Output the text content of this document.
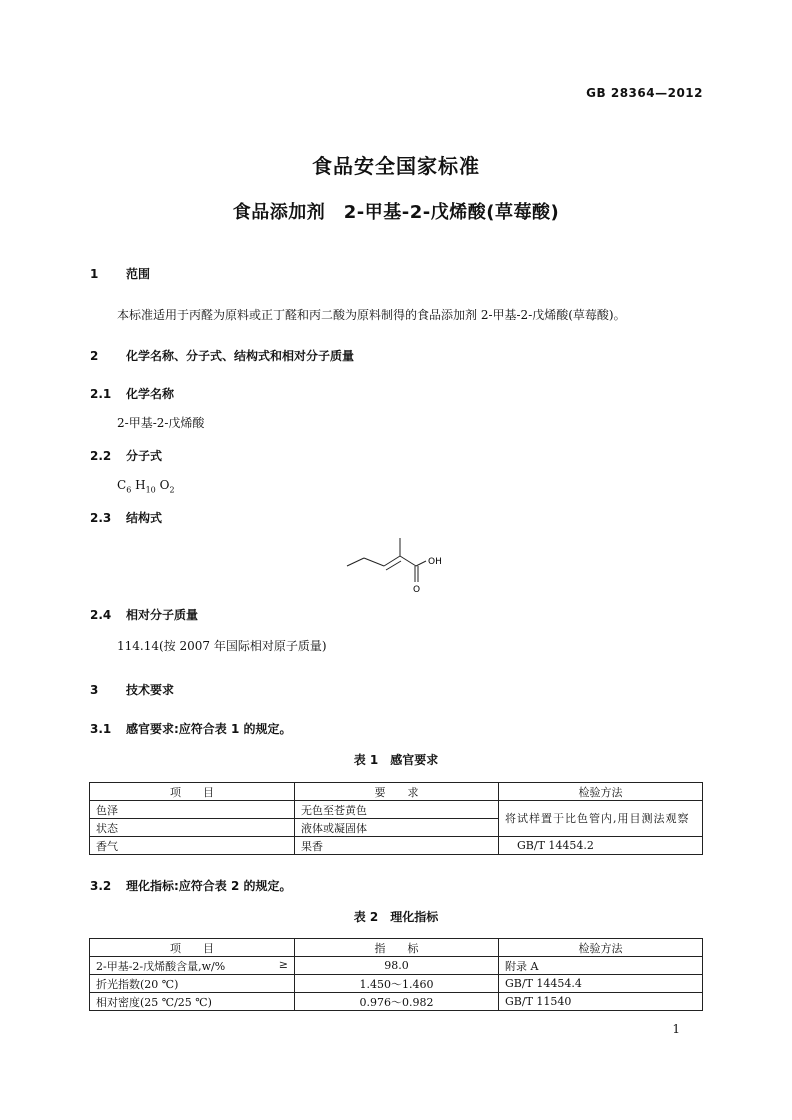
GB 28364—2012
食品安全国家标准
食品添加剂　2-甲基-2-戊烯酸(草莓酸)
1 范围
本标准适用于丙醛为原料或正丁醛和丙二酸为原料制得的食品添加剂 2-甲基-2-戊烯酸(草莓酸)。
2 化学名称、分子式、结构式和相对分子质量
2.1 化学名称
2-甲基-2-戊烯酸
2.2 分子式
$C_6$ $H_{10}$ $O_2$
2.3 结构式
OH
O
2.4 相对分子质量
114.14(按 2007 年国际相对原子质量)
3 技术要求
3.1 感官要求:应符合表 1 的规定。
表 1　感官要求
项　　目	要　　求	检验方法
色泽	无色至苍黄色	将试样置于比色管内,用目测法观察
状态	液体或凝固体	
香气	果香	GB/T 14454.2
3.2 理化指标:应符合表 2 的规定。
表 2　理化指标
项　　目	指　　标	检验方法
2-甲基-2-戊烯酸含量,w/% ≥	98.0	附录 A
折光指数(20 ℃)	1.450～1.460	GB/T 14454.4
相对密度(25 ℃/25 ℃)	0.976～0.982	GB/T 11540
1
